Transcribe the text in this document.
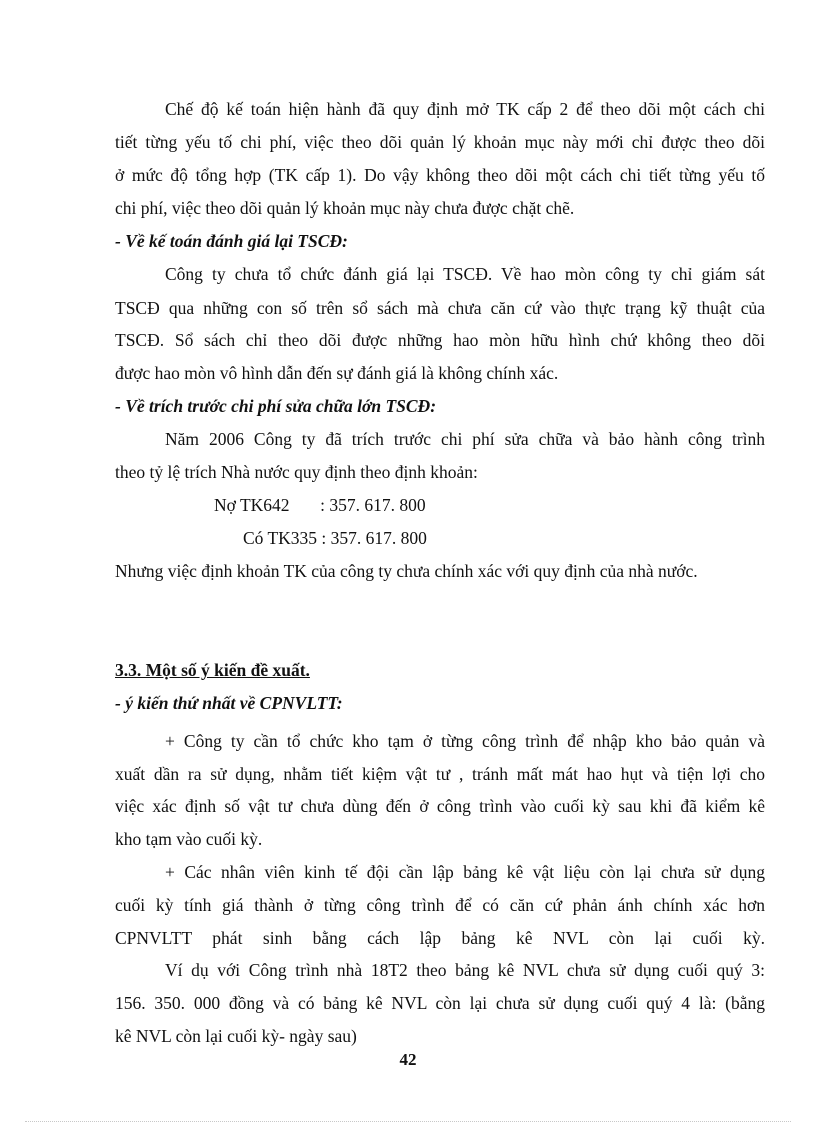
Chế độ kế toán hiện hành đã quy định mở TK cấp 2 để theo dõi một cách chi
tiết từng yếu tố chi phí, việc theo dõi quản lý khoản mục này mới chỉ được theo dõi
ở mức độ tổng hợp (TK cấp 1). Do vậy không theo dõi một cách chi tiết từng yếu tố
chi phí, việc theo dõi quản lý khoản mục này chưa được chặt chẽ.
- Về kế toán đánh giá lại TSCĐ:
Công ty chưa tổ chức đánh giá lại TSCĐ. Về hao mòn công ty chỉ giám sát
TSCĐ qua những con số trên sổ sách mà chưa căn cứ vào thực trạng kỹ thuật của
TSCĐ. Sổ sách chỉ theo dõi được những hao mòn hữu hình chứ không theo dõi
được hao mòn vô hình dẫn đến sự đánh giá là không chính xác.
- Về trích trước chi phí sửa chữa lớn TSCĐ:
Năm 2006 Công ty đã trích trước chi phí sửa chữa và bảo hành công trình
theo tỷ lệ trích Nhà nước quy định theo định khoản:
Nợ TK642       : 357. 617. 800
Có TK335 : 357. 617. 800
Nhưng việc định khoản TK của công ty chưa chính xác với quy định của nhà nước.
3.3. Một số ý kiến đề xuất.
- ý kiến thứ nhất về CPNVLTT:
+ Công ty cần tổ chức kho tạm ở từng công trình để nhập kho bảo quản và
xuất dần ra sử dụng, nhằm tiết kiệm vật tư , tránh mất mát hao hụt và tiện lợi cho
việc xác định số vật tư chưa dùng đến ở công trình vào cuối kỳ sau khi đã kiểm kê
kho tạm vào cuối kỳ.
+ Các nhân viên kinh tế đội cần lập bảng kê vật liệu còn lại chưa sử dụng
cuối kỳ tính giá thành ở từng công trình để có căn cứ phản ánh chính xác hơn
CPNVLTT phát sinh bằng cách lập bảng kê NVL còn lại cuối kỳ.
Ví dụ với Công trình nhà 18T2 theo bảng kê NVL chưa sử dụng cuối quý 3:
156. 350. 000 đồng và có bảng kê NVL còn lại chưa sử dụng cuối quý 4 là: (bằng
kê NVL còn lại cuối kỳ- ngày sau)
42
